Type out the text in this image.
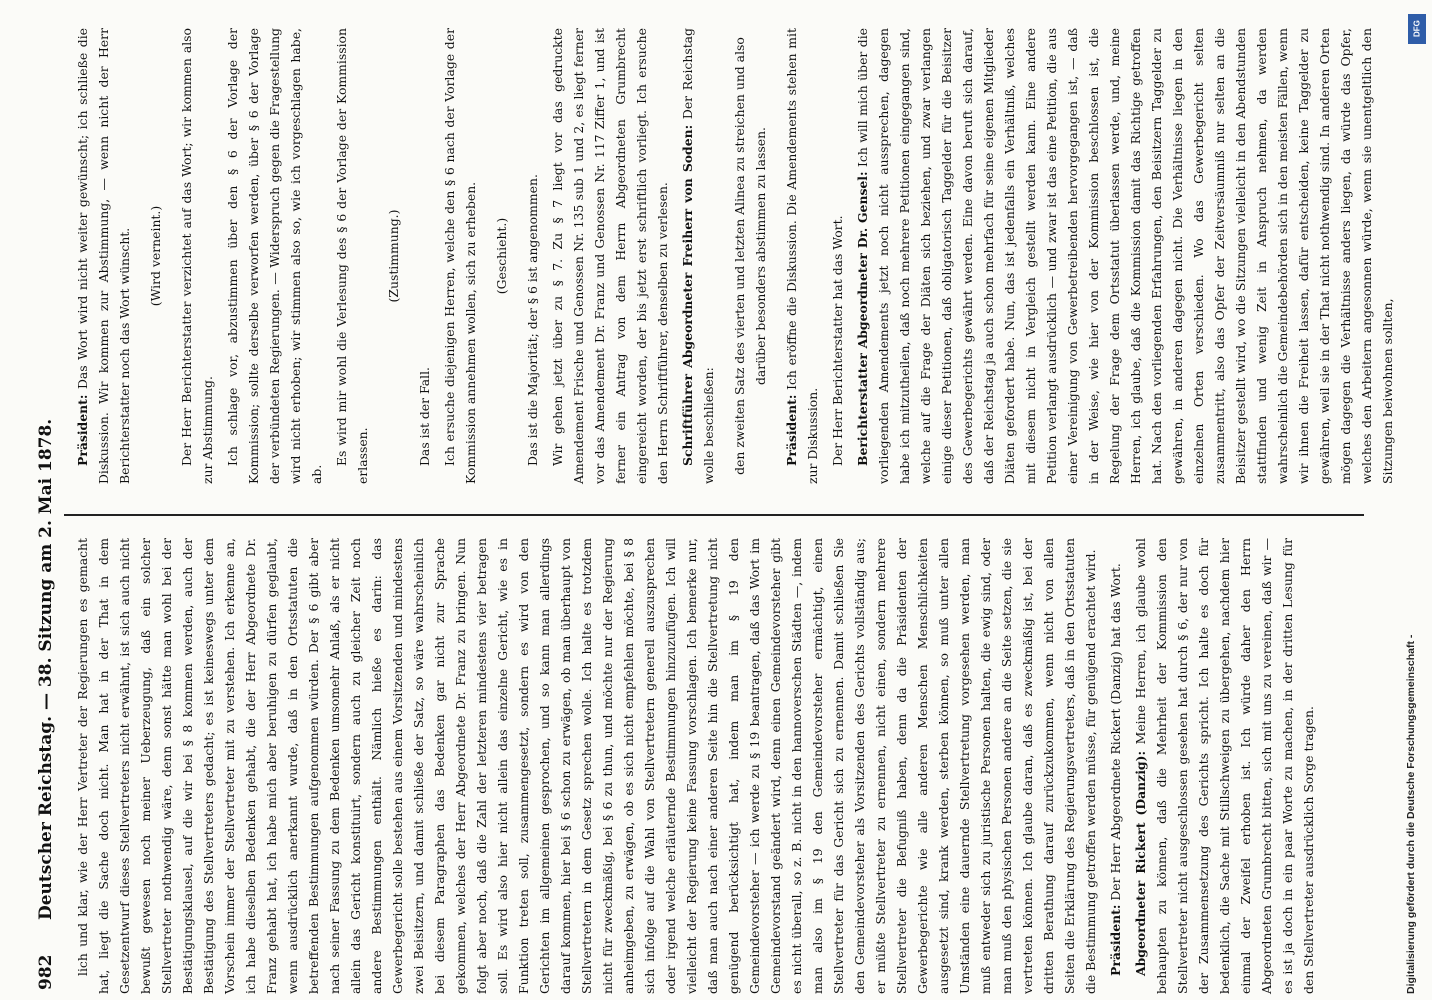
982
Deutscher Reichstag. — 38. Sitzung am 2. Mai 1878. lich und klar, wie der Herr Vertreter der Regierungen es gemacht hat, liegt die Sache doch nicht. Man hat in der That in dem Gesetzentwurf dieses Stellvertreters nicht erwähnt, ist sich auch nicht bewußt gewesen noch meiner Ueberzeugung, daß ein solcher Stellvertreter nothwendig wäre, denn sonst hätte man wohl bei der Bestätigungsklausel, auf die wir bei § 8 kommen werden, auch der Bestätigung des Stellvertreters gedacht; es ist keineswegs unter dem Vorschein immer der Stellvertreter mit zu verstehen. Ich erkenne an, ich habe dieselben Bedenken gehabt, die der Herr Abgeordnete Dr. Franz gehabt hat, ich habe mich aber beruhigen zu dürfen geglaubt, wenn ausdrücklich anerkannt wurde, daß in den Ortsstatuten die betreffenden Bestimmungen aufgenommen würden. Der § 6 gibt aber nach seiner Fassung zu dem Bedenken umsomehr Anlaß, als er nicht allein das Gericht konstituirt, sondern auch zu gleicher Zeit noch andere Bestimmungen enthält. Nämlich hieße es darin: das Gewerbegericht solle bestehen aus einem Vorsitzenden und mindestens zwei Beisitzern, und damit schließe der Satz, so wäre wahrscheinlich bei diesem Paragraphen das Bedenken gar nicht zur Sprache gekommen, welches der Herr Abgeordnete Dr. Franz zu bringen. Nun folgt aber noch, daß die Zahl der letzteren mindestens vier betragen soll. Es wird also hier nicht allein das einzelne Gericht, wie es in Funktion treten soll, zusammengesetzt, sondern es wird von den Gerichten im allgemeinen gesprochen, und so kann man allerdings darauf kommen, hier bei § 6 schon zu erwägen, ob man überhaupt von Stellvertretern in dem Gesetz sprechen wolle. Ich halte es trotzdem nicht für zweckmäßig, bei § 6 zu thun, und möchte nur der Regierung anheimgeben, zu erwägen, ob es sich nicht empfehlen möchte, bei § 8 sich infolge auf die Wahl von Stellvertretern generell auszusprechen oder irgend welche erläuternde Bestimmungen hinzuzufügen. Ich will vielleicht der Regierung keine Fassung vorschlagen. Ich bemerke nur, daß man auch nach einer anderen Seite hin die Stellvertretung nicht genügend berücksichtigt hat, indem man im § 19 den Gemeindevorsteher — ich werde zu § 19 beantragen, daß das Wort im Gemeindevorstand geändert wird, denn einen Gemeindevorsteher gibt es nicht überall, so z. B. nicht in den hannoverschen Städten —, indem man also im § 19 den Gemeindevorsteher ermächtigt, einen Stellvertreter für das Gericht sich zu ernennen. Damit schließen Sie den Gemeindevorsteher als Vorsitzenden des Gerichts vollständig aus; er müßte Stellvertreter zu ernennen, nicht einen, sondern mehrere Stellvertreter die Befugniß haben, denn da die Präsidenten der Gewerbegerichte wie alle anderen Menschen Menschlichkeiten ausgesetzt sind, krank werden, sterben können, so muß unter allen Umständen eine dauernde Stellvertretung vorgesehen werden, man muß entweder sich zu juristische Personen halten, die ewig sind, oder man muß den physischen Personen andere an die Seite setzen, die sie vertreten können. Ich glaube daran, daß es zweckmäßig ist, bei der dritten Berathung darauf zurückzukommen, wenn nicht von allen Seiten die Erklärung des Regierungsvertreters, daß in den Ortsstatuten die Bestimmung getroffen werden müsse, für genügend erachtet wird. Präsident: Der Herr Abgeordnete Rickert (Danzig) hat das Wort. Abgeordneter Rickert (Danzig): Meine Herren, ich glaube wohl behaupten zu können, daß die Mehrheit der Kommission den Stellvertreter nicht ausgeschlossen gesehen hat durch § 6, der nur von der Zusammensetzung des Gerichts spricht. Ich halte es doch für bedenklich, die Sache mit Stillschweigen zu übergehen, nachdem hier einmal der Zweifel erhoben ist. Ich würde daher den Herrn Abgeordneten Grumbrecht bitten, sich mit uns zu vereinen, daß wir — es ist ja doch in ein paar Worte zu machen, in der dritten Lesung für den Stellvertreter ausdrücklich Sorge tragen.

Präsident: Das Wort wird nicht weiter gewünscht; ich schließe die Diskussion. Wir kommen zur Abstimmung, — wenn nicht der Herr Berichterstatter noch das Wort wünscht. (Wird verneint.) Der Herr Berichterstatter verzichtet auf das Wort; wir kommen also zur Abstimmung. Ich schlage vor, abzustimmen über den § 6 der Vorlage der Kommission; sollte derselbe verworfen werden, über § 6 der Vorlage der verbündeten Regierungen. — Widerspruch gegen die Fragestellung wird nicht erhoben; wir stimmen also so, wie ich vorgeschlagen habe, ab.

Es wird mir wohl die Verlesung des § 6 der Vorlage der Kommission erlassen.

(Zustimmung.)

Das ist der Fall. Ich ersuche diejenigen Herren, welche den § 6 nach der Vorlage der Kommission annehmen wollen, sich zu erheben. (Geschieht.) Das ist die Majorität; der § 6 ist angenommen. Wir gehen jetzt über zu § 7. Zu § 7 liegt vor das gedruckte Amendement Frische und Genossen Nr. 135 sub 1 und 2, es liegt ferner vor das Amendement Dr. Franz und Genossen Nr. 117 Ziffer 1, und ist ferner ein Antrag von dem Herrn Abgeordneten Grumbrecht eingereicht worden, der bis jetzt erst schriftlich vorliegt. Ich ersuche den Herrn Schriftführer, denselben zu verlesen. Schriftführer Abgeordneter Freiherr von Soden: Der Reichstag wolle beschließen: den zweiten Satz des vierten und letzten Alinea zu streichen und also darüber besonders abstimmen zu lassen.

Präsident: Ich eröffne die Diskussion. Die Amendements stehen mit zur Diskussion. Der Herr Berichterstatter hat das Wort. Berichterstatter Abgeordneter Dr. Gensel: Ich will mich über die vorliegenden Amendements jetzt noch nicht aussprechen, dagegen habe ich mitzutheilen, daß noch mehrere Petitionen eingegangen sind, welche auf die Frage der Diäten sich beziehen, und zwar verlangen einige dieser Petitionen, daß obligatorisch Taggelder für die Beisitzer des Gewerbegerichts gewährt werden. Eine davon beruft sich darauf, daß der Reichstag ja auch schon mehrfach für seine eigenen Mitglieder Diäten gefordert habe. Nun, das ist jedenfalls ein Verhältniß, welches mit diesem nicht in Vergleich gestellt werden kann. Eine andere Petition verlangt ausdrücklich — und zwar ist das eine Petition, die aus einer Vereinigung von Gewerbetreibenden hervorgegangen ist, — daß in der Weise, wie hier von der Kommission beschlossen ist, die Regelung der Frage dem Ortsstatut überlassen werde, und, meine Herren, ich glaube, daß die Kommission damit das Richtige getroffen hat. Nach den vorliegenden Erfahrungen, den Beisitzern Taggelder zu gewähren, in anderen dagegen nicht. Die Verhältnisse liegen in den einzelnen Orten verschieden. Wo das Gewerbegericht selten zusammentritt, also das Opfer der Zeitversäumniß nur selten an die Beisitzer gestellt wird, wo die Sitzungen vielleicht in den Abendstunden stattfinden und wenig Zeit in Anspruch nehmen, da werden wahrscheinlich die Gemeindebehörden sich in den meisten Fällen, wenn wir ihnen die Freiheit lassen, dafür entscheiden, keine Taggelder zu gewähren, weil sie in der That nicht nothwendig sind. In anderen Orten mögen dagegen die Verhältnisse anders liegen, da würde das Opfer, welches den Arbeitern angesonnen würde, wenn sie unentgeltlich den Sitzungen beiwohnen sollten,

DFG
Digitalisierung gefördert durch die Deutsche Forschungsgemeinschaft -
